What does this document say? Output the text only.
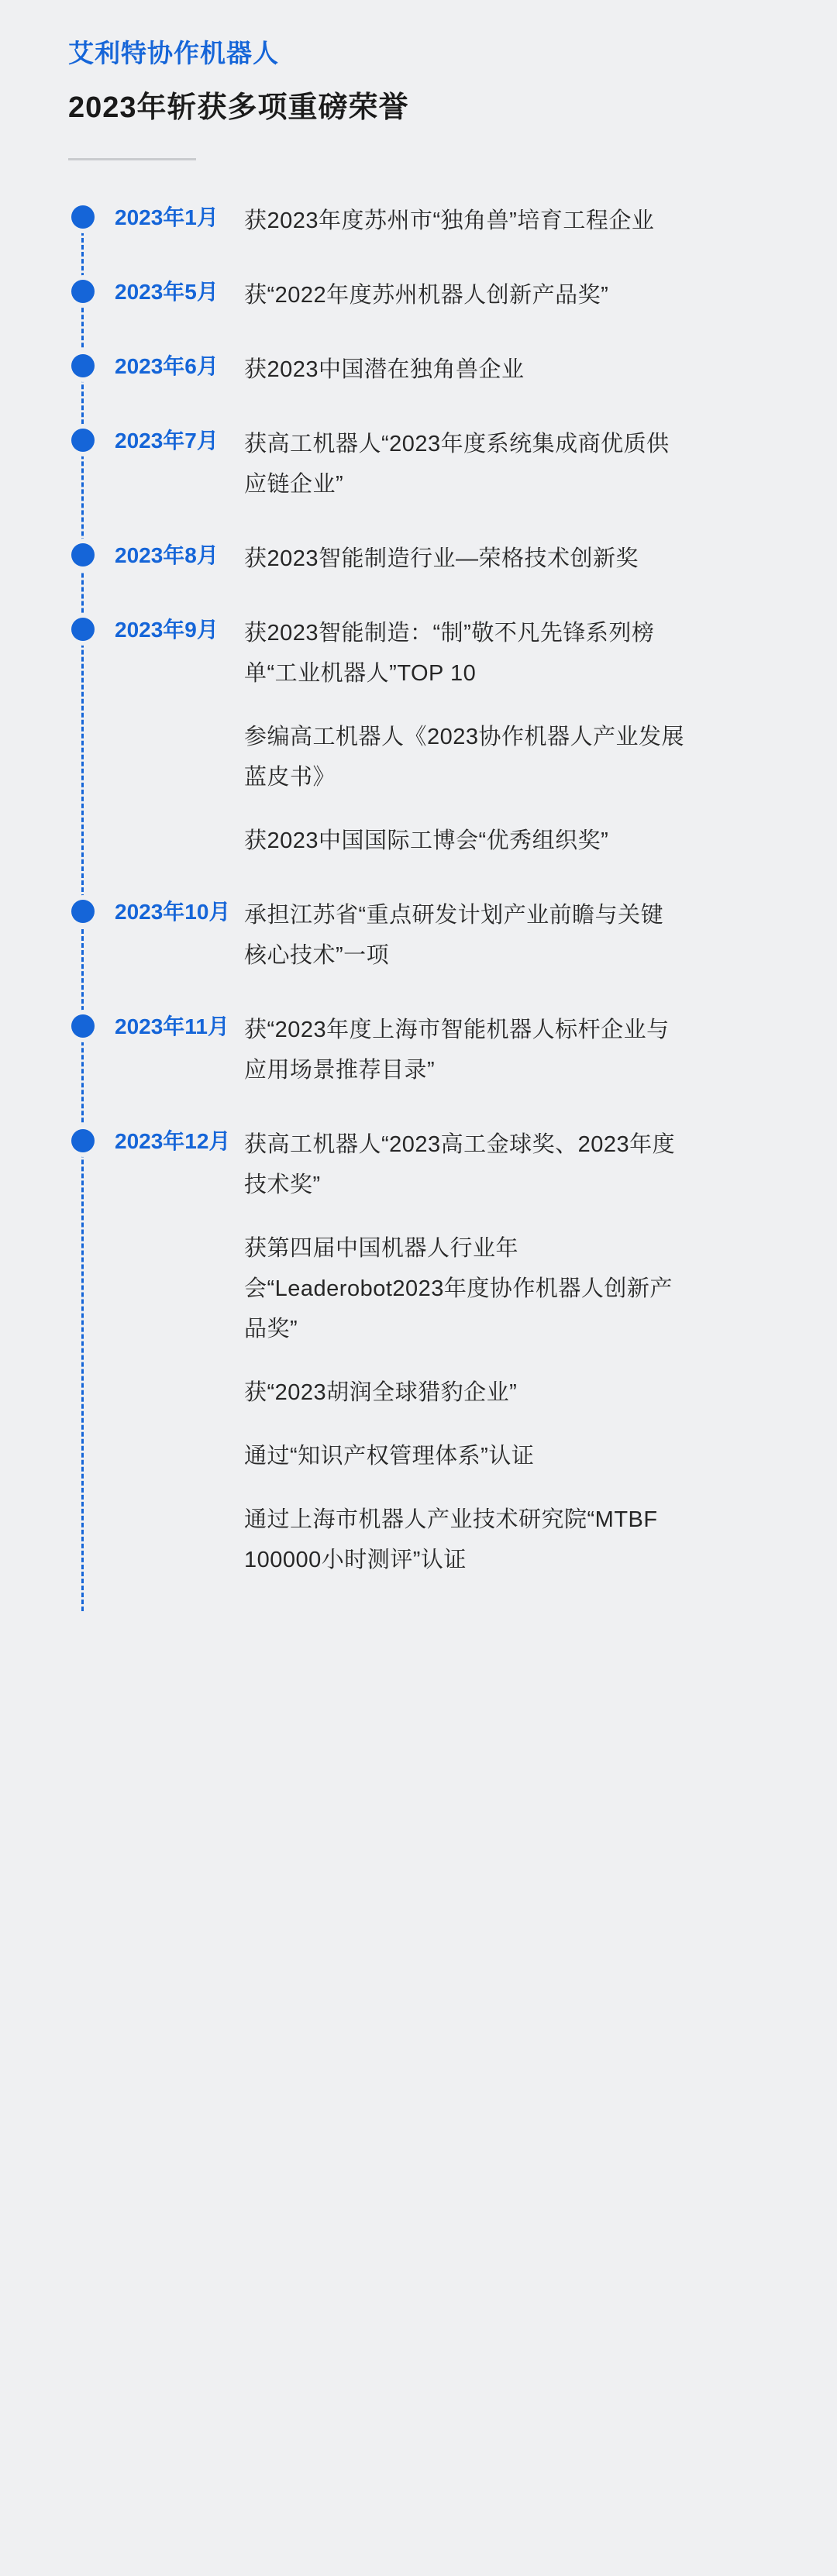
艾利特协作机器人
2023年斩获多项重磅荣誉
2023年1月	获2023年度苏州市“独角兽”培育工程企业
2023年5月	获“2022年度苏州机器人创新产品奖”
2023年6月	获2023中国潜在独角兽企业
2023年7月	获高工机器人“2023年度系统集成商优质供应链企业”
2023年8月	获2023智能制造行业—荣格技术创新奖
2023年9月	获2023智能制造：“制”敬不凡先锋系列榜单“工业机器人”TOP 10
参编高工机器人《2023协作机器人产业发展蓝皮书》
获2023中国国际工博会“优秀组织奖”
2023年10月 承担江苏省“重点研发计划产业前瞻与关键核心技术”一项
2023年11月 获“2023年度上海市智能机器人标杆企业与应用场景推荐目录”
2023年12月 获高工机器人“2023高工金球奖、2023年度技术奖”
获第四届中国机器人行业年会“Leaderobot2023年度协作机器人创新产品奖”
获“2023胡润全球猎豹企业”
通过“知识产权管理体系”认证
通过上海市机器人产业技术研究院“MTBF 100000小时测评”认证
